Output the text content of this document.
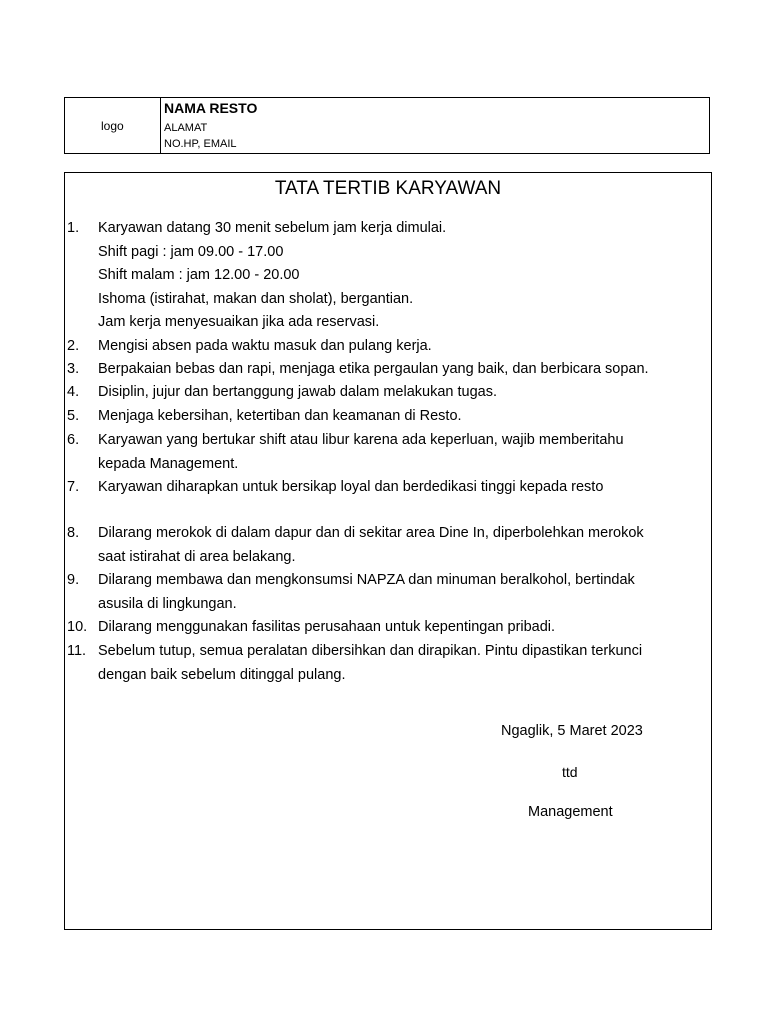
logo
NAMA RESTO
ALAMAT
NO.HP, EMAIL
TATA TERTIB KARYAWAN
1. Karyawan datang 30 menit sebelum jam kerja dimulai.
Shift pagi : jam 09.00 - 17.00
Shift malam : jam 12.00 - 20.00
Ishoma (istirahat, makan dan sholat), bergantian.
Jam kerja menyesuaikan jika ada reservasi.
2. Mengisi absen pada waktu masuk dan pulang kerja.
3. Berpakaian bebas dan rapi, menjaga etika pergaulan yang baik, dan berbicara sopan.
4. Disiplin, jujur dan bertanggung jawab dalam melakukan tugas.
5. Menjaga kebersihan, ketertiban dan keamanan di Resto.
6. Karyawan yang bertukar shift atau libur karena ada keperluan, wajib memberitahu
kepada Management.
7. Karyawan diharapkan untuk bersikap loyal dan berdedikasi tinggi kepada resto
8. Dilarang merokok di dalam dapur dan di sekitar area Dine In, diperbolehkan merokok
saat istirahat di area belakang.
9. Dilarang membawa dan mengkonsumsi NAPZA dan minuman beralkohol, bertindak
asusila di lingkungan.
10. Dilarang menggunakan fasilitas perusahaan untuk kepentingan pribadi.
11. Sebelum tutup, semua peralatan dibersihkan dan dirapikan. Pintu dipastikan terkunci
dengan baik sebelum ditinggal pulang.
Ngaglik, 5 Maret 2023
ttd
Management
